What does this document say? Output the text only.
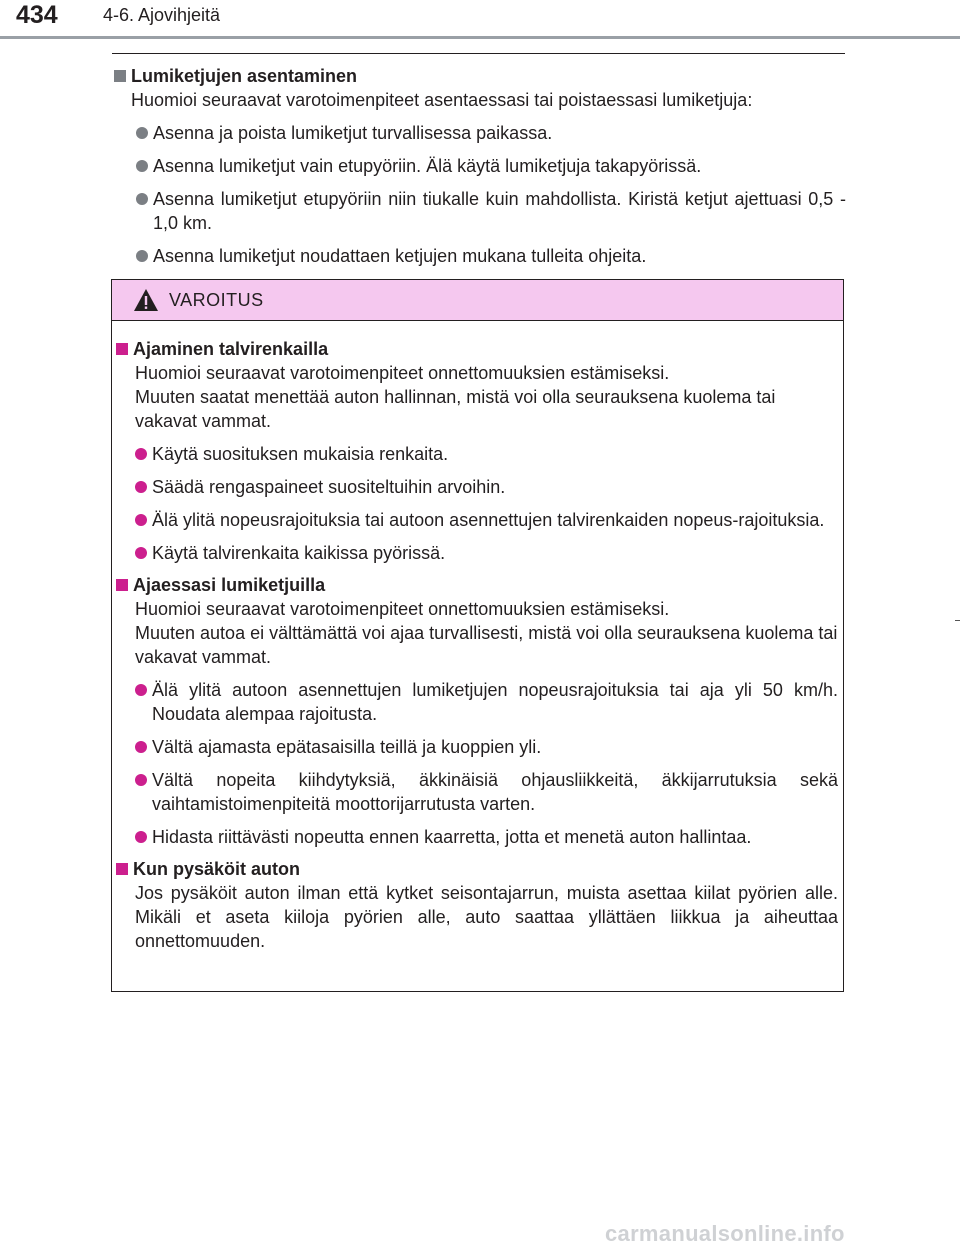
434	4-6. Ajovihjeitä
Lumiketjujen asentaminen
Huomioi seuraavat varotoimenpiteet asentaessasi tai poistaessasi lumiketjuja:
Asenna ja poista lumiketjut turvallisessa paikassa.
Asenna lumiketjut vain etupyöriin. Älä käytä lumiketjuja takapyörissä.
Asenna lumiketjut etupyöriin niin tiukalle kuin mahdollista. Kiristä ketjut ajettuasi 0,5 - 1,0 km.
Asenna lumiketjut noudattaen ketjujen mukana tulleita ohjeita.
VAROITUS
Ajaminen talvirenkailla
Huomioi seuraavat varotoimenpiteet onnettomuuksien estämiseksi.
Muuten saatat menettää auton hallinnan, mistä voi olla seurauksena kuolema tai vakavat vammat.
Käytä suosituksen mukaisia renkaita.
Säädä rengaspaineet suositeltuihin arvoihin.
Älä ylitä nopeusrajoituksia tai autoon asennettujen talvirenkaiden nopeus-rajoituksia.
Käytä talvirenkaita kaikissa pyörissä.
Ajaessasi lumiketjuilla
Huomioi seuraavat varotoimenpiteet onnettomuuksien estämiseksi.
Muuten autoa ei välttämättä voi ajaa turvallisesti, mistä voi olla seurauksena kuolema tai vakavat vammat.
Älä ylitä autoon asennettujen lumiketjujen nopeusrajoituksia tai aja yli 50 km/h. Noudata alempaa rajoitusta.
Vältä ajamasta epätasaisilla teillä ja kuoppien yli.
Vältä nopeita kiihdytyksiä, äkkinäisiä ohjausliikkeitä, äkkijarrutuksia sekä vaihtamistoimenpiteitä moottorijarrutusta varten.
Hidasta riittävästi nopeutta ennen kaarretta, jotta et menetä auton hallintaa.
Kun pysäköit auton
Jos pysäköit auton ilman että kytket seisontajarrun, muista asettaa kiilat pyörien alle. Mikäli et aseta kiiloja pyörien alle, auto saattaa yllättäen liikkua ja aiheuttaa onnettomuuden.
carmanualsonline.info
